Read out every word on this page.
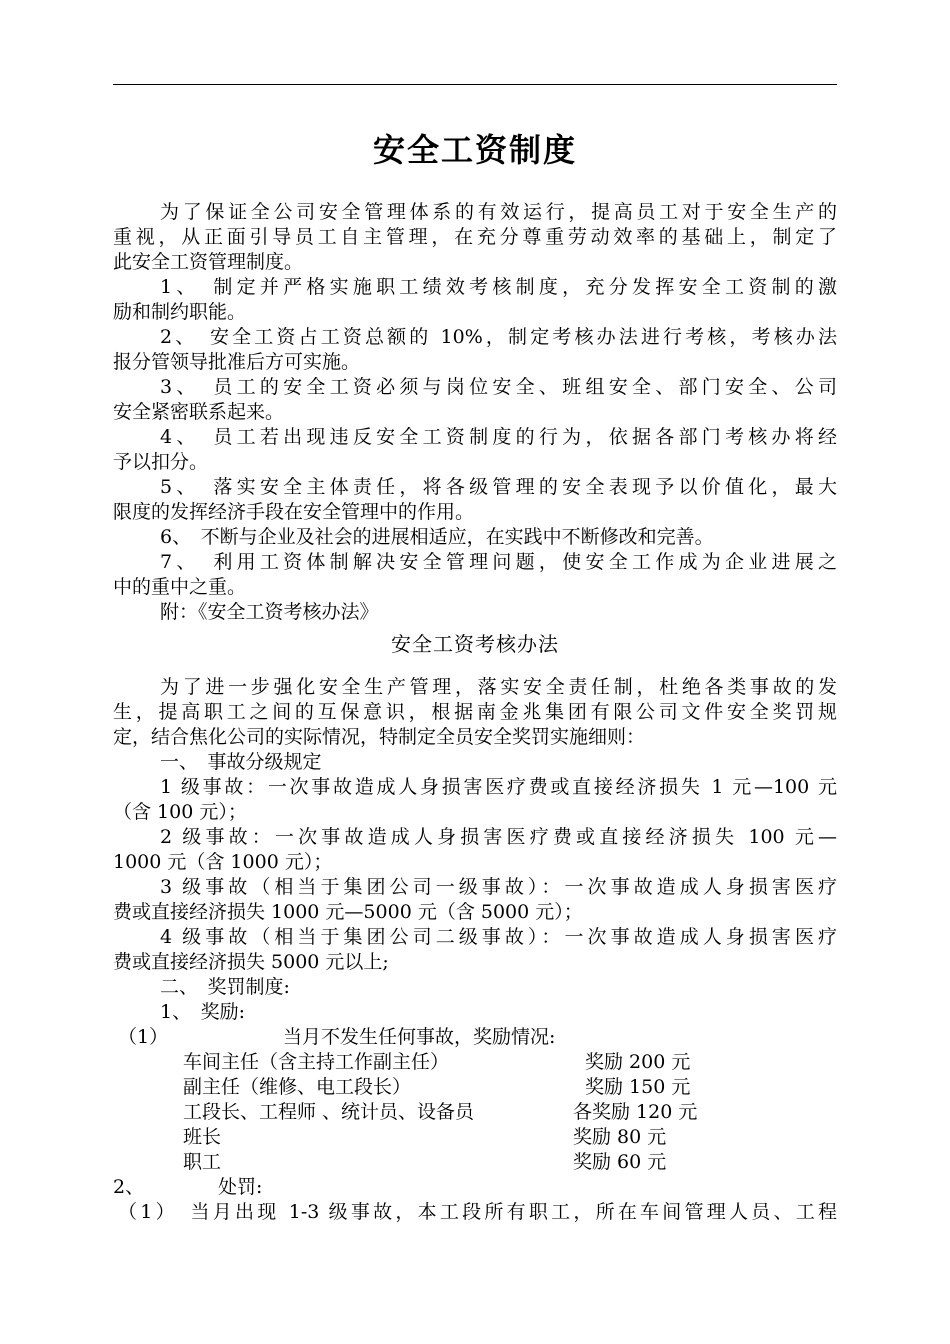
安全工资制度
为了保证全公司安全管理体系的有效运行，提高员工对于安全生产的
重视，从正面引导员工自主管理，在充分尊重劳动效率的基础上，制定了
此安全工资管理制度。
1、　制定并严格实施职工绩效考核制度，充分发挥安全工资制的激
励和制约职能。
2、　安全工资占工资总额的 10%，制定考核办法进行考核，考核办法
报分管领导批准后方可实施。
3、　员工的安全工资必须与岗位安全、班组安全、部门安全、公司
安全紧密联系起来。
4、　员工若出现违反安全工资制度的行为，依据各部门考核办将经
予以扣分。
5、　落实安全主体责任，将各级管理的安全表现予以价值化，最大
限度的发挥经济手段在安全管理中的作用。
6、　不断与企业及社会的进展相适应，在实践中不断修改和完善。
7、　利用工资体制解决安全管理问题，使安全工作成为企业进展之
中的重中之重。
附：《安全工资考核办法》
安全工资考核办法
为了进一步强化安全生产管理，落实安全责任制，杜绝各类事故的发
生，提高职工之间的互保意识，根据南金兆集团有限公司文件安全奖罚规
定，结合焦化公司的实际情况，特制定全员安全奖罚实施细则：
一、　事故分级规定
1 级事故：一次事故造成人身损害医疗费或直接经济损失 1 元—100 元
（含 100 元）；
2 级事故：一次事故造成人身损害医疗费或直接经济损失 100 元—
1000 元（含 1000 元）；
3 级事故（相当于集团公司一级事故）：一次事故造成人身损害医疗
费或直接经济损失 1000 元—5000 元（含 5000 元）；
4 级事故（相当于集团公司二级事故）：一次事故造成人身损害医疗
费或直接经济损失 5000 元以上;
二、　奖罚制度:
1、　奖励:
（1）	当月不发生任何事故，奖励情况:
车间主任（含主持工作副主任）	奖励 200 元
副主任（维修、电工段长）	奖励 150 元
工段长、工程师 、统计员、设备员	各奖励 120 元
班长	奖励 80 元
职工	奖励 60 元
2、	处罚:
（1）　当月出现 1-3 级事故，本工段所有职工，所在车间管理人员、工程
